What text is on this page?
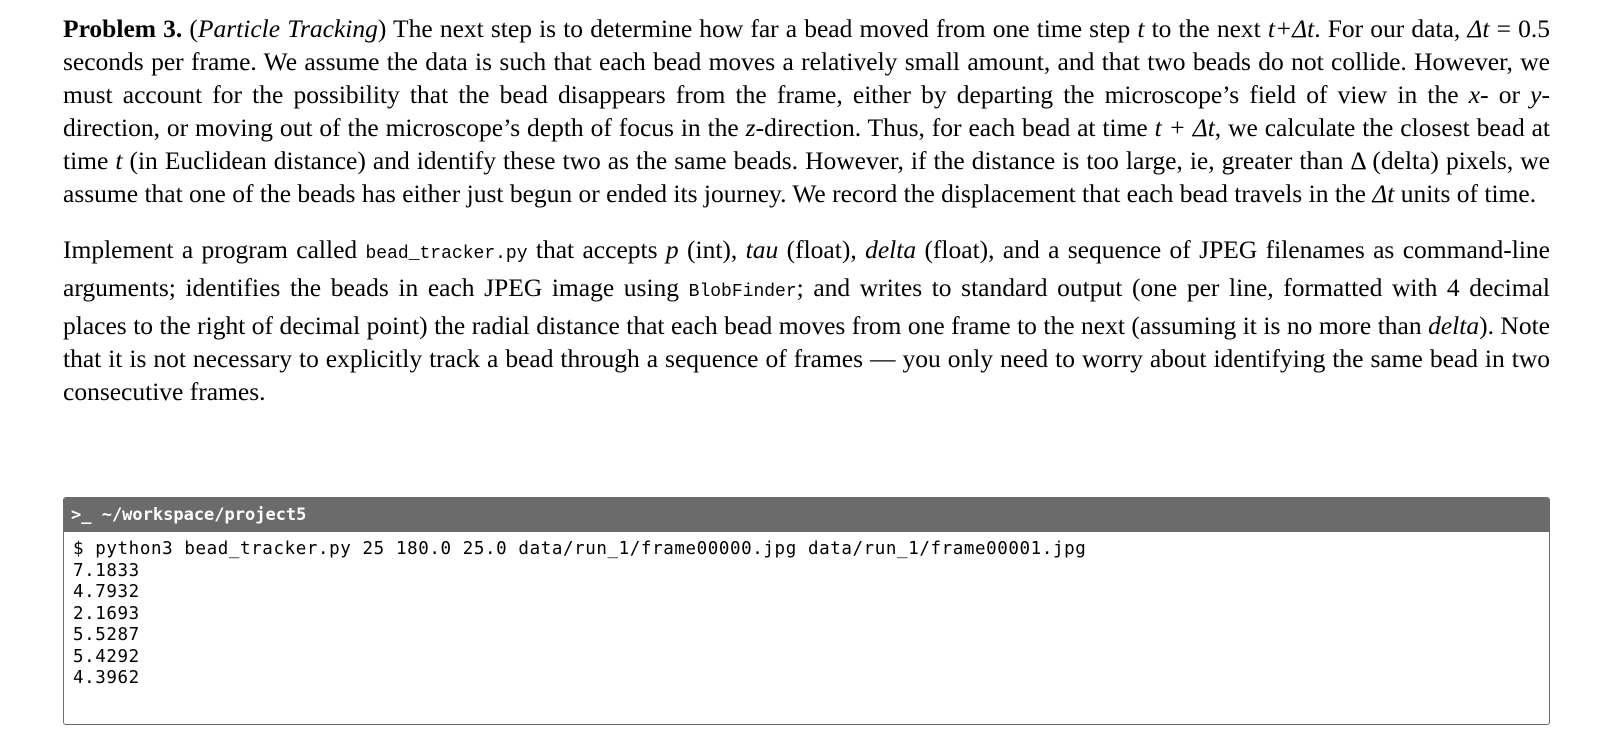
Problem 3. (Particle Tracking) The next step is to determine how far a bead moved from one time step t to the next t+Δt. For our data, Δt = 0.5 seconds per frame. We assume the data is such that each bead moves a relatively small amount, and that two beads do not collide. However, we must account for the possibility that the bead disappears from the frame, either by departing the microscope’s field of view in the x- or y- direction, or moving out of the microscope’s depth of focus in the z-direction. Thus, for each bead at time t + Δt, we calculate the closest bead at time t (in Euclidean distance) and identify these two as the same beads. However, if the distance is too large, ie, greater than Δ (delta) pixels, we assume that one of the beads has either just begun or ended its journey. We record the displacement that each bead travels in the Δt units of time.

Implement a program called bead_tracker.py that accepts p (int), tau (float), delta (float), and a sequence of JPEG filenames as command-line arguments; identifies the beads in each JPEG image using BlobFinder; and writes to standard output (one per line, formatted with 4 decimal places to the right of decimal point) the radial distance that each bead moves from one frame to the next (assuming it is no more than delta). Note that it is not necessary to explicitly track a bead through a sequence of frames — you only need to worry about identifying the same bead in two consecutive frames.

>_ ~/workspace/project5
$ python3 bead_tracker.py 25 180.0 25.0 data/run_1/frame00000.jpg data/run_1/frame00001.jpg
7.1833
4.7932
2.1693
5.5287
5.4292
4.3962
